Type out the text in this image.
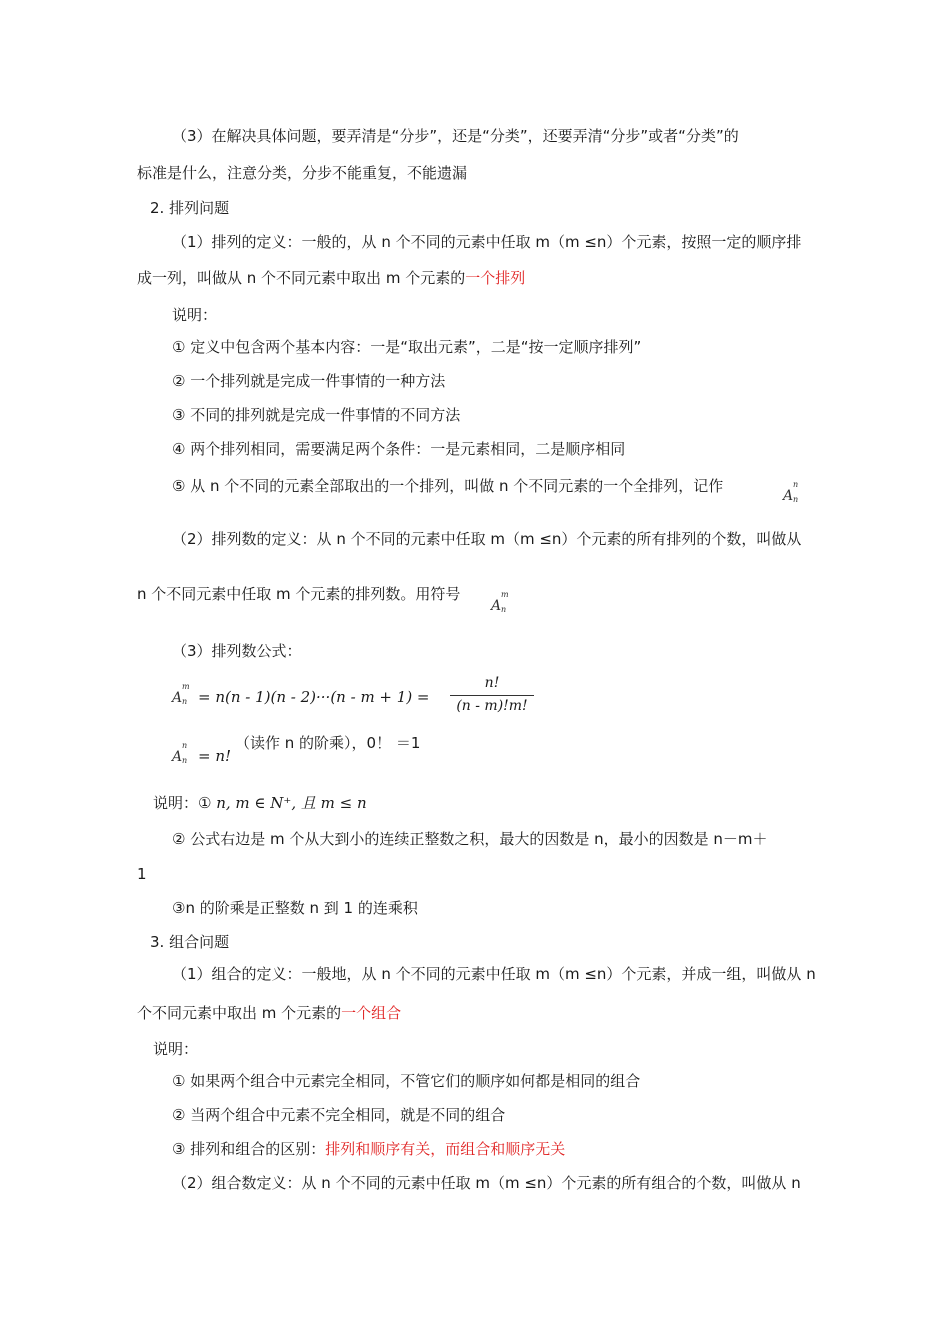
（3）在解决具体问题，要弄清是“分步”，还是“分类”，还要弄清“分步”或者“分类”的
标准是什么，注意分类，分步不能重复，不能遗漏
2. 排列问题
（1）排列的定义：一般的，从 n 个不同的元素中任取 m（m ≤n）个元素，按照一定的顺序排
成一列，叫做从 n 个不同元素中取出 m 个元素的一个排列
说明：
① 定义中包含两个基本内容：一是“取出元素”，二是“按一定顺序排列”
② 一个排列就是完成一件事情的一种方法
③ 不同的排列就是完成一件事情的不同方法
④ 两个排列相同，需要满足两个条件：一是元素相同，二是顺序相同
⑤ 从 n 个不同的元素全部取出的一个排列，叫做 n 个不同元素的一个全排列，记作
A
n
n
（2）排列数的定义：从 n 个不同的元素中任取 m（m ≤n）个元素的所有排列的个数，叫做从
n 个不同元素中任取 m 个元素的排列数。用符号
A
m
n
（3）排列数公式：
A
m
n = n(n - 1)(n - 2)···(n - m + 1) =
n!
(n - m)!m!
A
n
n = n!
（读作 n 的阶乘），0！ ＝1
说明：① n, m ∈ N⁺, 且 m ≤ n
② 公式右边是 m 个从大到小的连续正整数之积，最大的因数是 n，最小的因数是 n－m＋
1
③n 的阶乘是正整数 n 到 1 的连乘积
3. 组合问题
（1）组合的定义：一般地，从 n 个不同的元素中任取 m（m ≤n）个元素，并成一组，叫做从 n
个不同元素中取出 m 个元素的一个组合
说明：
① 如果两个组合中元素完全相同，不管它们的顺序如何都是相同的组合
② 当两个组合中元素不完全相同，就是不同的组合
③ 排列和组合的区别：排列和顺序有关，而组合和顺序无关
（2）组合数定义：从 n 个不同的元素中任取 m（m ≤n）个元素的所有组合的个数，叫做从 n
